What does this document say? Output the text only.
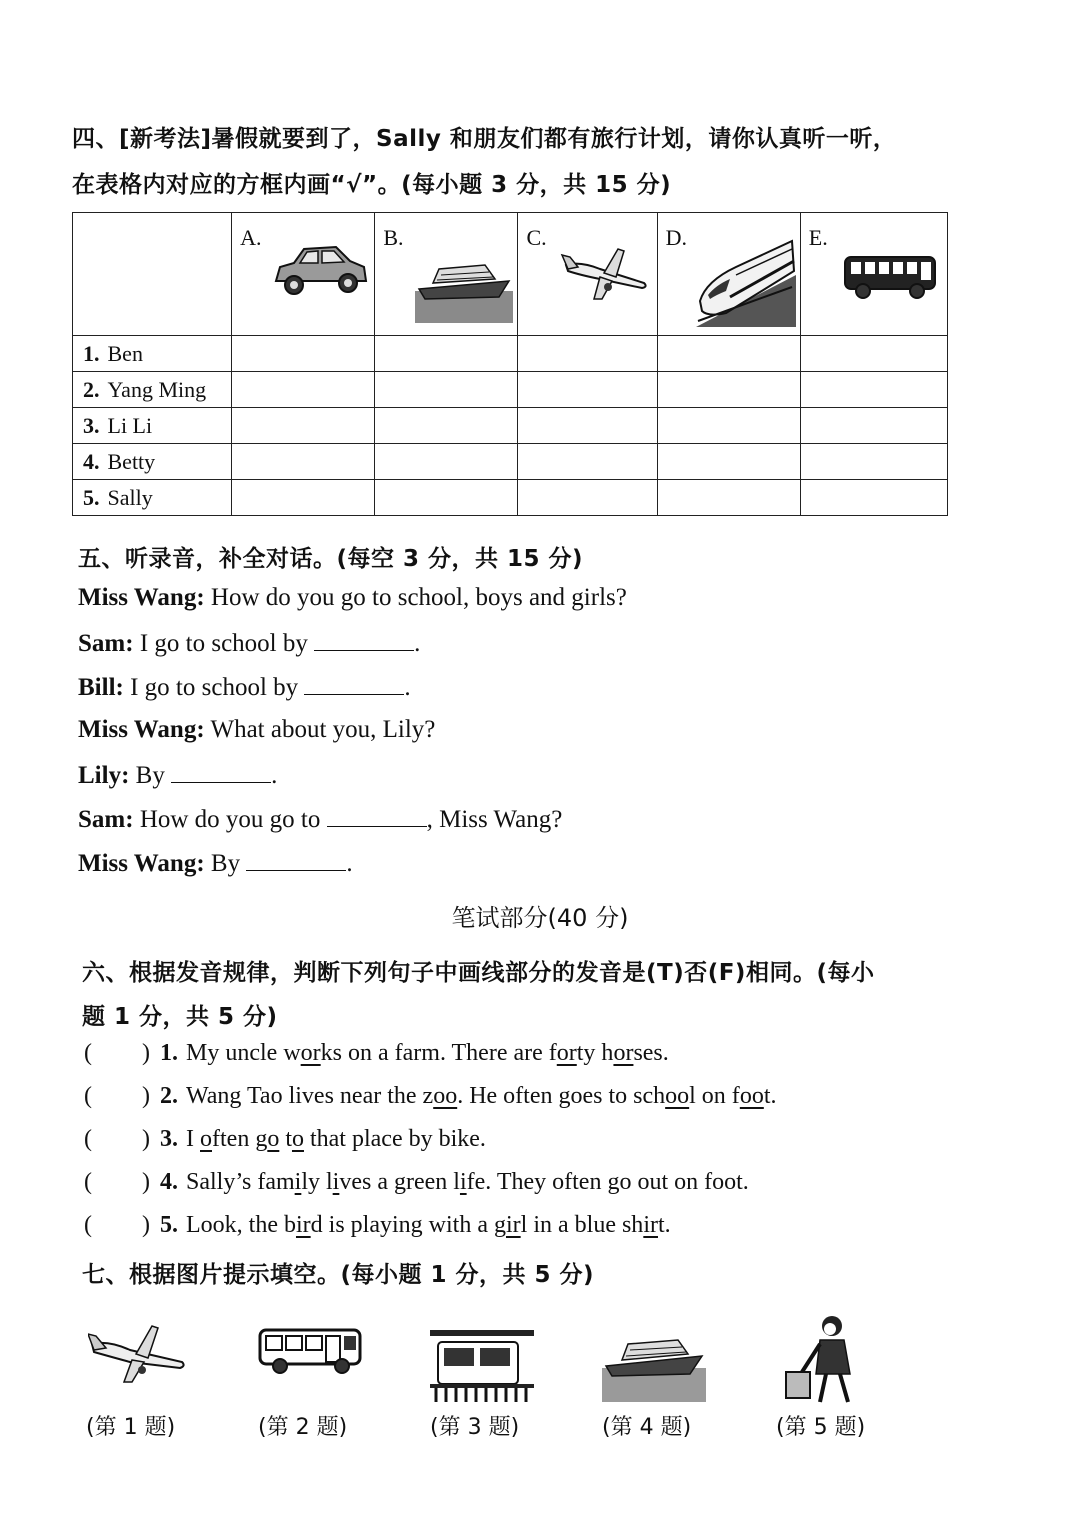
四、[新考法]暑假就要到了，Sally 和朋友们都有旅行计划，请你认真听一听，
在表格内对应的方框内画“√”。(每小题 3 分，共 15 分)

	A.	B.	C.	D.	E.

1. Ben					
2. Yang Ming					
3. Li Li					
4. Betty					
5. Sally					
五、听录音，补全对话。(每空 3 分，共 15 分)
Miss Wang: How do you go to school, boys and girls?
Sam: I go to school by	.
Bill: I go to school by	.
Miss Wang: What about you, Lily?
Lily: By	.
Sam: How do you go to	, Miss Wang?
Miss Wang: By	.
笔试部分(40 分)
六、根据发音规律，判断下列句子中画线部分的发音是(T)否(F)相同。(每小
题 1 分，共 5 分)
( ) 1. My uncle works on a farm. There are forty horses.
( ) 2. Wang Tao lives near the zoo. He often goes to school on foot.
( ) 3. I often go to that place by bike.
( ) 4. Sally’s family lives a green life. They often go out on foot.
( ) 5. Look, the bird is playing with a girl in a blue shirt.
七、根据图片提示填空。(每小题 1 分，共 5 分)
(第 1 题)	(第 2 题)	(第 3 题)	(第 4 题)	(第 5 题)
